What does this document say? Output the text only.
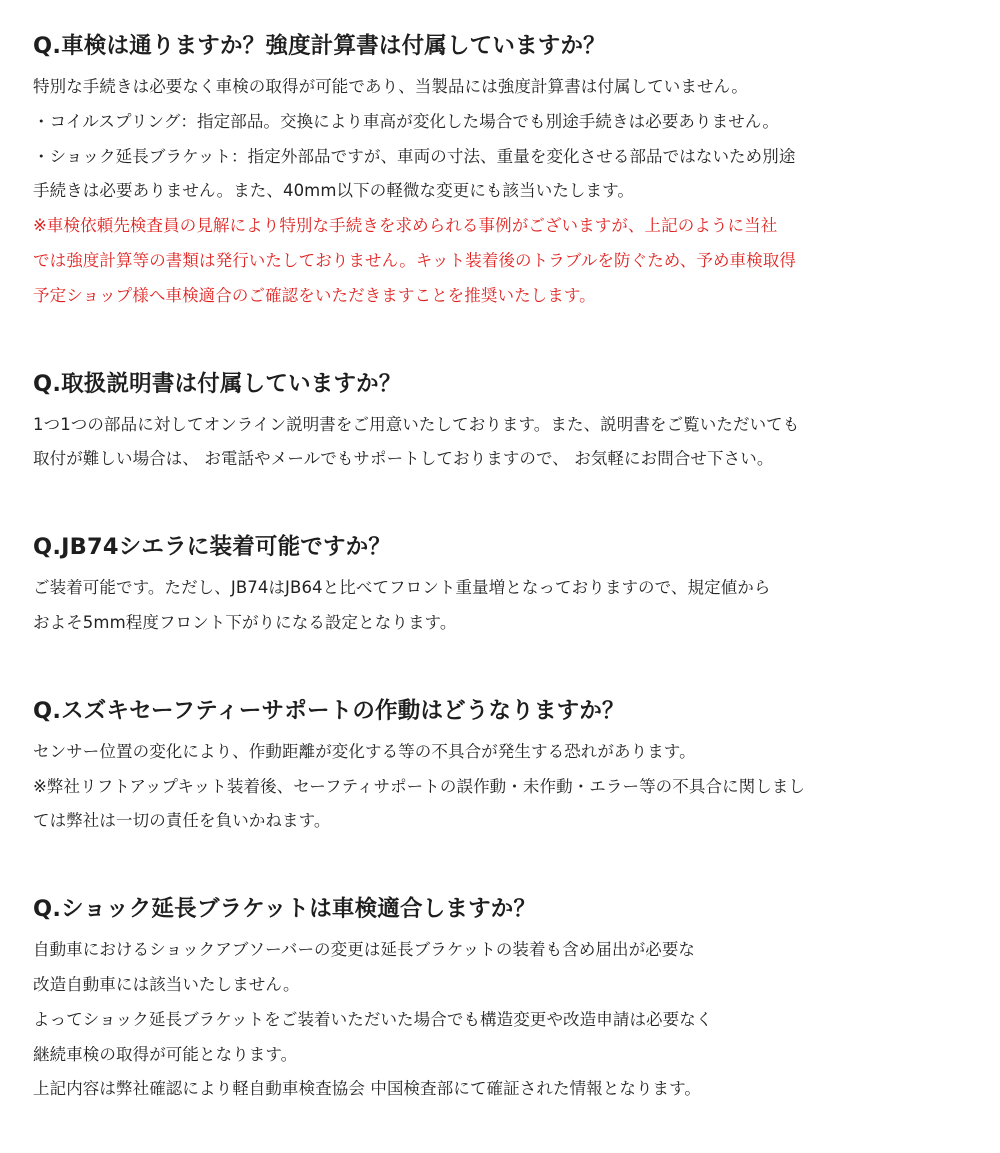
Q.車検は通りますか？強度計算書は付属していますか？

特別な手続きは必要なく車検の取得が可能であり、当製品には強度計算書は付属していません。

・コイルスプリング：指定部品。交換により車高が変化した場合でも別途手続きは必要ありません。

・ショック延長ブラケット：指定外部品ですが、車両の寸法、重量を変化させる部品ではないため別途

手続きは必要ありません。また、40mm以下の軽微な変更にも該当いたします。

※車検依頼先検査員の見解により特別な手続きを求められる事例がございますが、上記のように当社

では強度計算等の書類は発行いたしておりません。キット装着後のトラブルを防ぐため、予め車検取得

予定ショップ様へ車検適合のご確認をいただきますことを推奨いたします。

Q.取扱説明書は付属していますか？

1つ1つの部品に対してオンライン説明書をご用意いたしております。また、説明書をご覧いただいても

取付が難しい場合は、 お電話やメールでもサポートしておりますので、 お気軽にお問合せ下さい。

Q.JB74シエラに装着可能ですか？

ご装着可能です。ただし、JB74はJB64と比べてフロント重量増となっておりますので、規定値から

およそ5mm程度フロント下がりになる設定となります。

Q.スズキセーフティーサポートの作動はどうなりますか？

センサー位置の変化により、作動距離が変化する等の不具合が発生する恐れがあります。

※弊社リフトアップキット装着後、セーフティサポートの誤作動・未作動・エラー等の不具合に関しまし

ては弊社は一切の責任を負いかねます。

Q.ショック延長ブラケットは車検適合しますか？

自動車におけるショックアブソーバーの変更は延長ブラケットの装着も含め届出が必要な

改造自動車には該当いたしません。

よってショック延長ブラケットをご装着いただいた場合でも構造変更や改造申請は必要なく

継続車検の取得が可能となります。

上記内容は弊社確認により軽自動車検査協会 中国検査部にて確証された情報となります。
